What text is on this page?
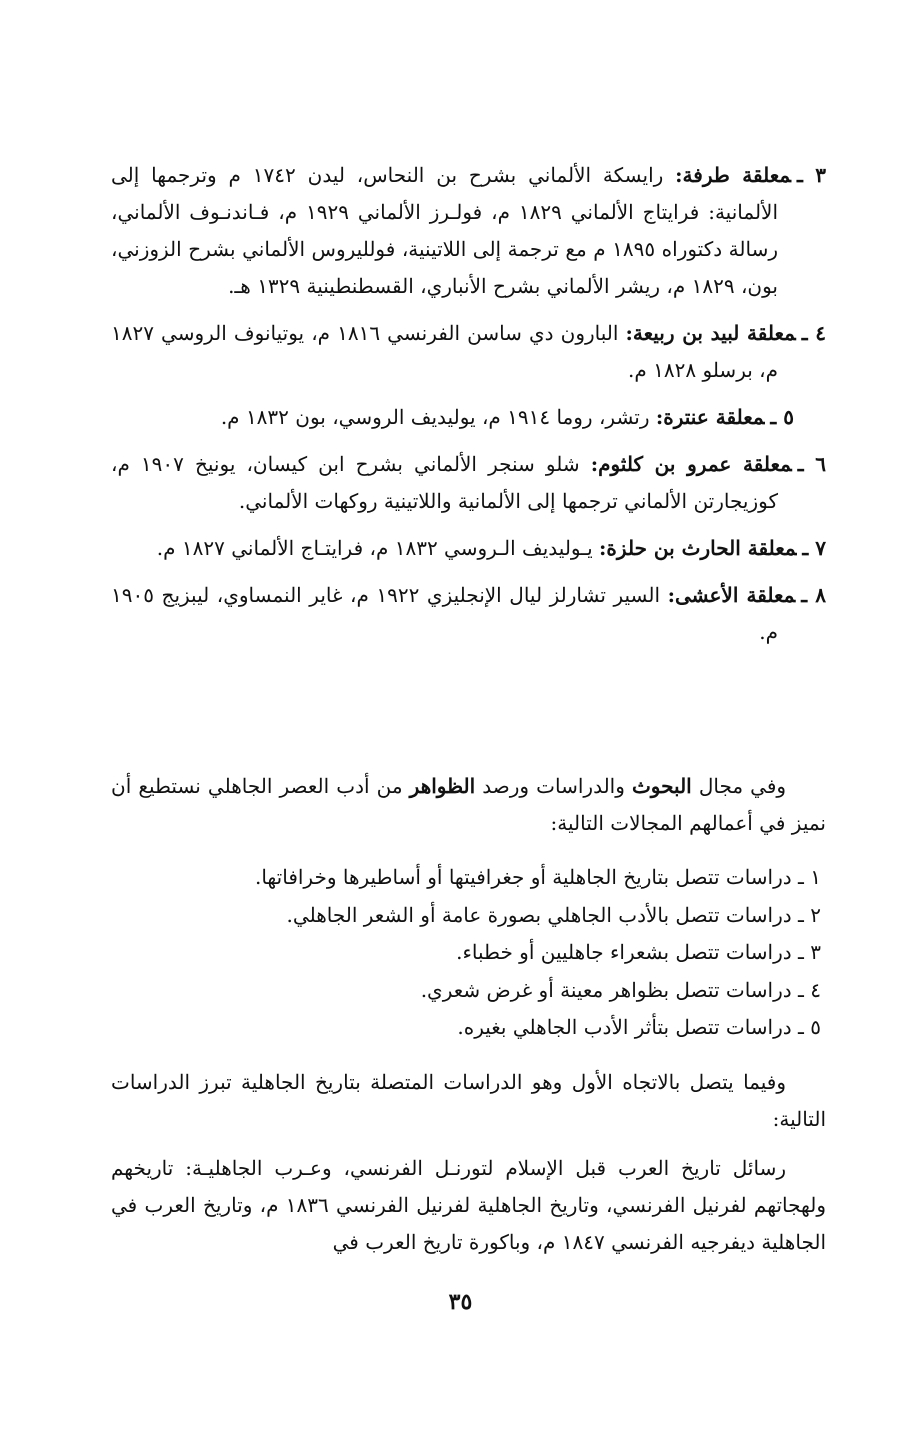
٣ ـمعلقة طرفة: رايسكة الألماني بشرح بن النحاس، ليدن ١٧٤٢ م وترجمها إلى الألمانية: فرايتاج الألماني ١٨٢٩ م، فولـرز الألماني ١٩٢٩ م، فـاندنـوف الألماني، رسالة دكتوراه ١٨٩٥ م مع ترجمة إلى اللاتينية، فولليروس الألماني بشرح الزوزني، بون، ١٨٢٩ م، ريشر الألماني بشرح الأنباري، القسطنطينية ١٣٢٩ هـ.
٤ ـمعلقة لبيد بن ربيعة: البارون دي ساسن الفرنسي ١٨١٦ م، يوتيانوف الروسي ١٨٢٧ م، برسلو ١٨٢٨ م.
٥ ـمعلقة عنترة: رتشر، روما ١٩١٤ م، يوليديف الروسي، بون ١٨٣٢ م.
٦ ـمعلقة عمرو بن كلثوم: شلو سنجر الألماني بشرح ابن كيسان، يونيخ ١٩٠٧ م، كوزيجارتن الألماني ترجمها إلى الألمانية واللاتينية روكهات الألماني.
٧ ـمعلقة الحارث بن حلزة: يـوليديف الـروسي ١٨٣٢ م، فرايتـاج الألماني ١٨٢٧ م.
٨ ـمعلقة الأعشى: السير تشارلز ليال الإنجليزي ١٩٢٢ م، غاير النمساوي، ليبزيج ١٩٠٥ م.
وفي مجال البحوث والدراسات ورصد الظواهر من أدب العصر الجاهلي نستطيع أن نميز في أعمالهم المجالات التالية:
١ ـ دراسات تتصل بتاريخ الجاهلية أو جغرافيتها أو أساطيرها وخرافاتها.
٢ ـ دراسات تتصل بالأدب الجاهلي بصورة عامة أو الشعر الجاهلي.
٣ ـ دراسات تتصل بشعراء جاهليين أو خطباء.
٤ ـ دراسات تتصل بظواهر معينة أو غرض شعري.
٥ ـ دراسات تتصل بتأثر الأدب الجاهلي بغيره.
وفيما يتصل بالاتجاه الأول وهو الدراسات المتصلة بتاريخ الجاهلية تبرز الدراسات التالية:
رسائل تاريخ العرب قبل الإسلام لتورنـل الفرنسي، وعـرب الجاهليـة: تاريخهم ولهجاتهم لفرنيل الفرنسي، وتاريخ الجاهلية لفرنيل الفرنسي ١٨٣٦ م، وتاريخ العرب في الجاهلية ديفرجيه الفرنسي ١٨٤٧ م، وباكورة تاريخ العرب في
٣٥
